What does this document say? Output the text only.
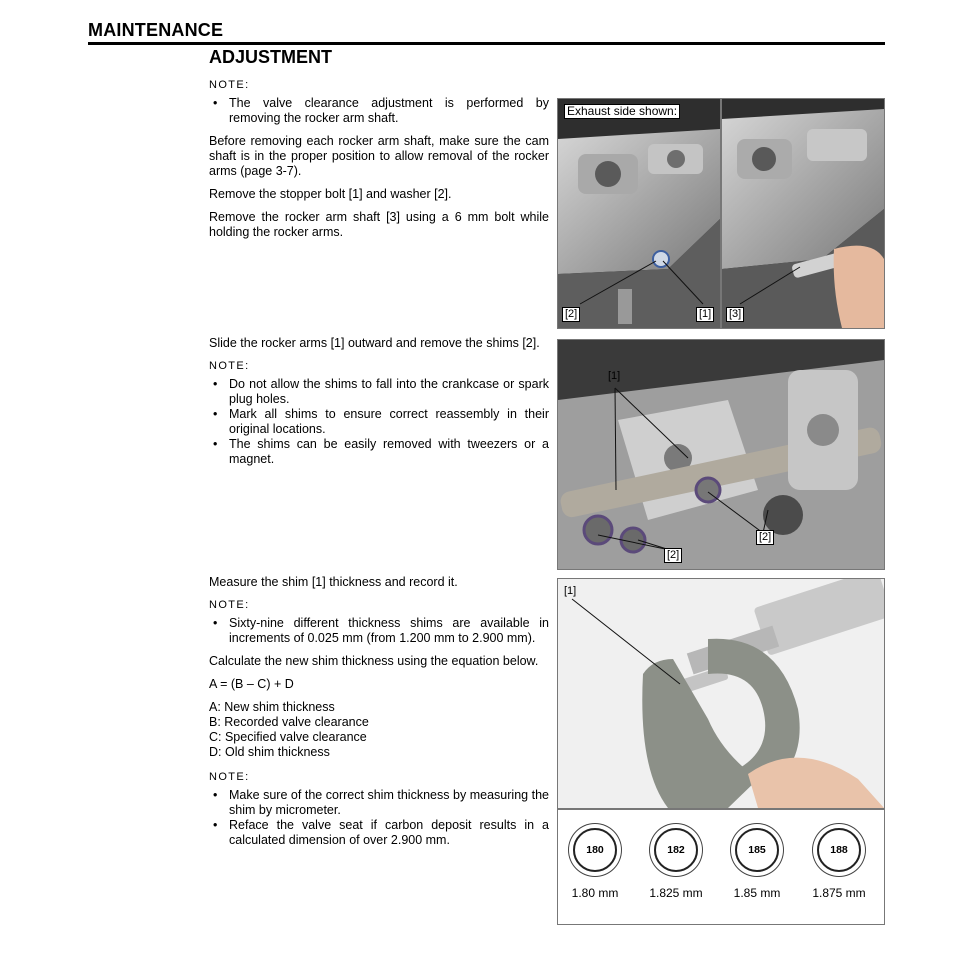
MAINTENANCE
ADJUSTMENT
NOTE:
• The valve clearance adjustment is performed by removing the rocker arm shaft.

Before removing each rocker arm shaft, make sure the cam shaft is in the proper position to allow removal of the rocker arms (page 3-7).

Remove the stopper bolt [1] and washer [2].

Remove the rocker arm shaft [3] using a 6 mm bolt while holding the rocker arms.

Slide the rocker arms [1] outward and remove the shims [2].

NOTE:
• Do not allow the shims to fall into the crankcase or spark plug holes.
• Mark all shims to ensure correct reassembly in their original locations.
• The shims can be easily removed with tweezers or a magnet.

Measure the shim [1] thickness and record it.

NOTE:
• Sixty-nine different thickness shims are available in increments of 0.025 mm (from 1.200 mm to 2.900 mm).

Calculate the new shim thickness using the equation below.

A = (B – C) + D

A: New shim thickness
B: Recorded valve clearance
C: Specified valve clearance
D: Old shim thickness
NOTE:
• Make sure of the correct shim thickness by measuring the shim by micrometer.
• Reface the valve seat if carbon deposit results in a calculated dimension of over 2.900 mm.
Exhaust side shown:
[2]	[1] [3]
[1]
[2]
[2]
[1]
180
1.80 mm
182
1.825 mm
185
1.85 mm
188
1.875 mm
